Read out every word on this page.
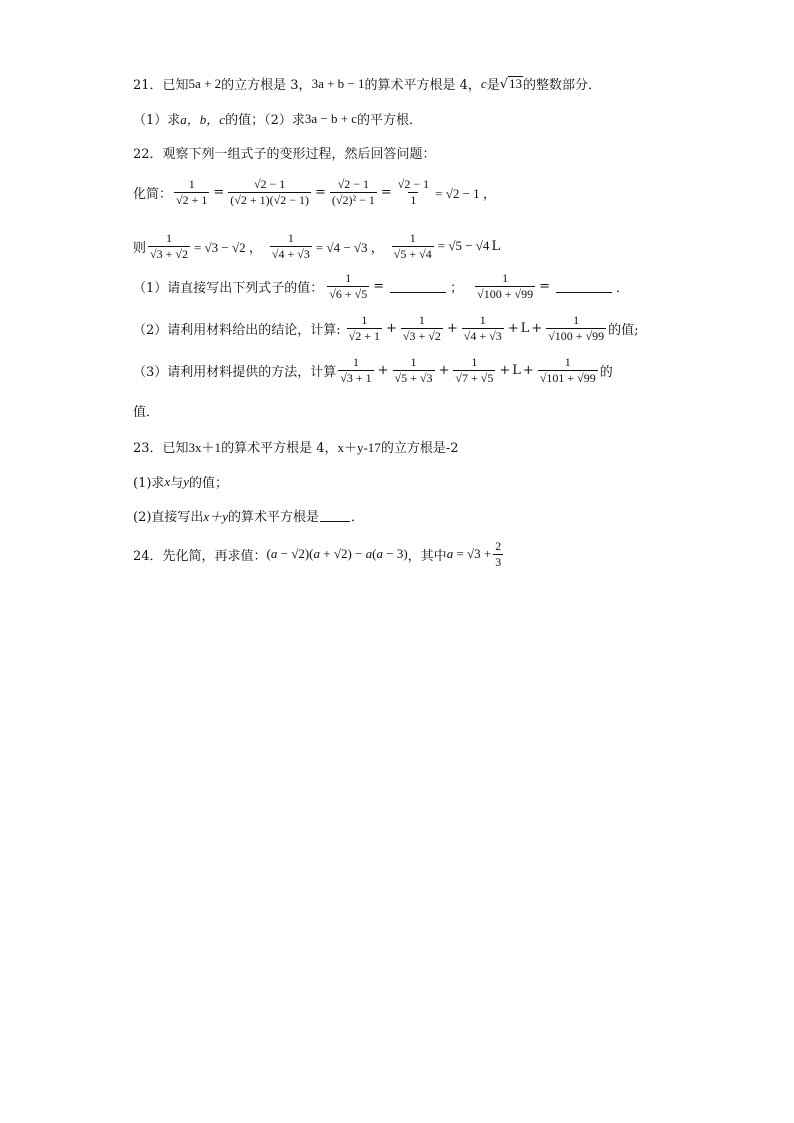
21．已知 5a + 2 的立方根是 3， 3a + b − 1 的算术平方根是 4， c 是 √ 13 的整数部分．
（1）求 a，b，c 的值；（2）求 3a − b + c 的平方根．
22．观察下列一组式子的变形过程，然后回答问题：
化简： $\frac{1}{√2 + 1} = \frac{√2 - 1}{(√2 + 1)(√2 - 1)} = \frac{√2 - 1}{\text{(√2)² − 1}} = \frac{√2 - 1}{1} = √2 - 1$ ，
则 $\frac{1}{√3 + √2} = √3 - √2$ ， $\frac{1}{√4 + √3} = √4 - √3$ ， $\frac{1}{√5 + √4} = √5 - √4$ L
（1）请直接写出下列式子的值： $\frac{1}{√6 + √5}$ =	； $\frac{1}{√100 + √99}$ =	．
（2）请利用材料给出的结论，计算: $\frac{1}{√2 + 1} + \frac{1}{√3 + √2} + \frac{1}{√4 + √3} + L + \frac{1}{√100 + √99}$ 的值;
（3）请利用材料提供的方法，计算 $\frac{1}{√3 + 1} + \frac{1}{√5 + √3} + \frac{1}{√7 + √5} + L + \frac{1}{√101 + √99}$ 的
值．
23．已知 3x＋1 的算术平方根是 4， x＋y-17 的立方根是-2
(1)求 x 与 y 的值；
(2)直接写出 x＋y 的算术平方根是 ．
24．先化简，再求值： (a − √2)(a + √2) − a(a − 3) ，其中 $a = √3 + \frac{2}{3}$
